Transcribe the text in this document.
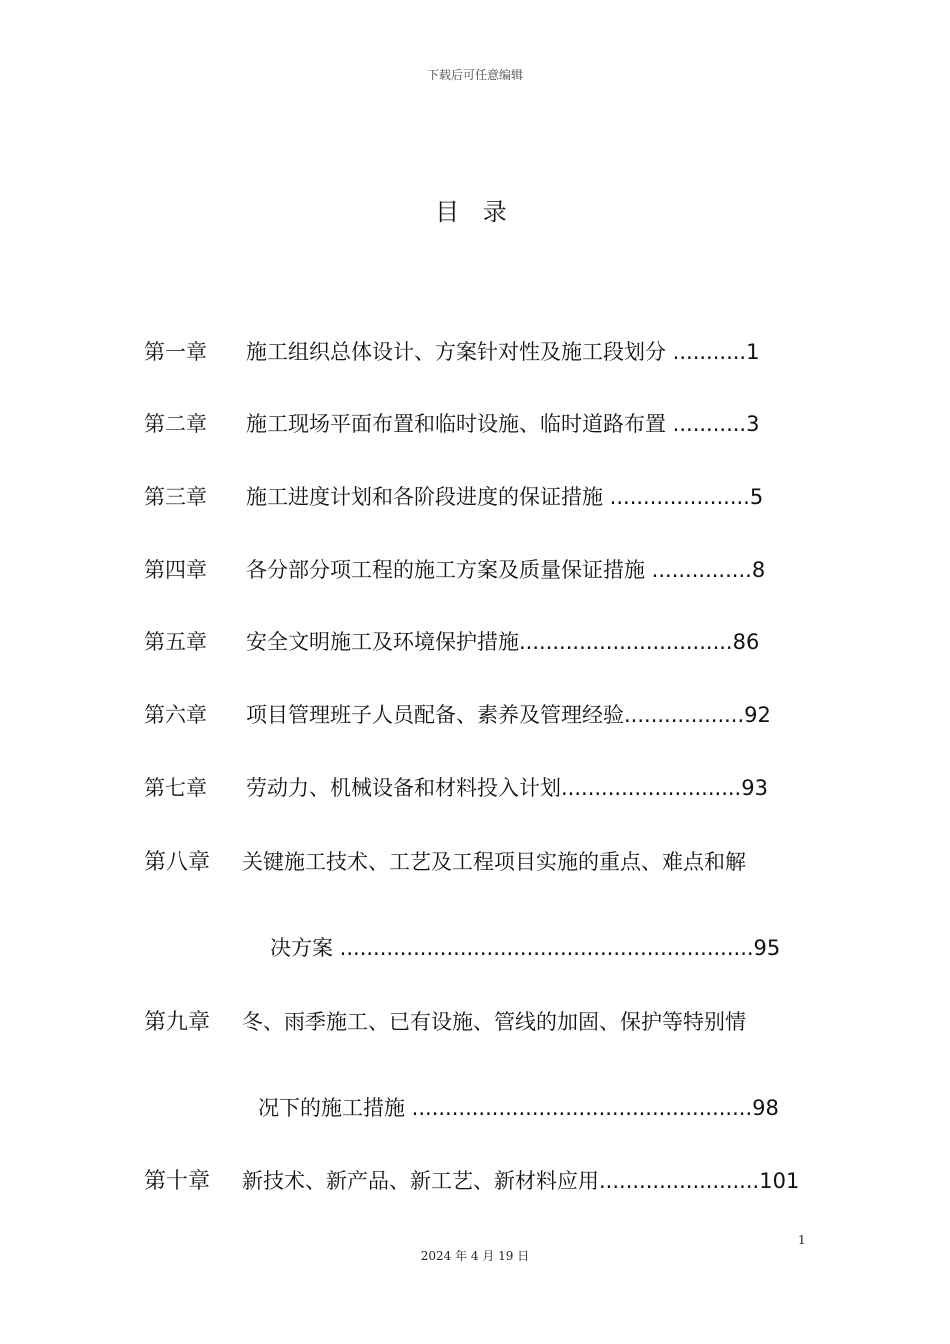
下载后可任意编辑
目 录
第一章 施工组织总体设计、方案针对性及施工段划分 ...........1
第二章 施工现场平面布置和临时设施、临时道路布置 ...........3
第三章 施工进度计划和各阶段进度的保证措施 .....................5
第四章 各分部分项工程的施工方案及质量保证措施 ...............8
第五章 安全文明施工及环境保护措施................................86
第六章 项目管理班子人员配备、素养及管理经验..................92
第七章 劳动力、机械设备和材料投入计划...........................93
第八章 关键施工技术、工艺及工程项目实施的重点、难点和解
决方案 ..............................................................95
第九章 冬、雨季施工、已有设施、管线的加固、保护等特别情
况下的施工措施 ...................................................98
第十章 新技术、新产品、新工艺、新材料应用........................101
1
2024 年 4 月 19 日
